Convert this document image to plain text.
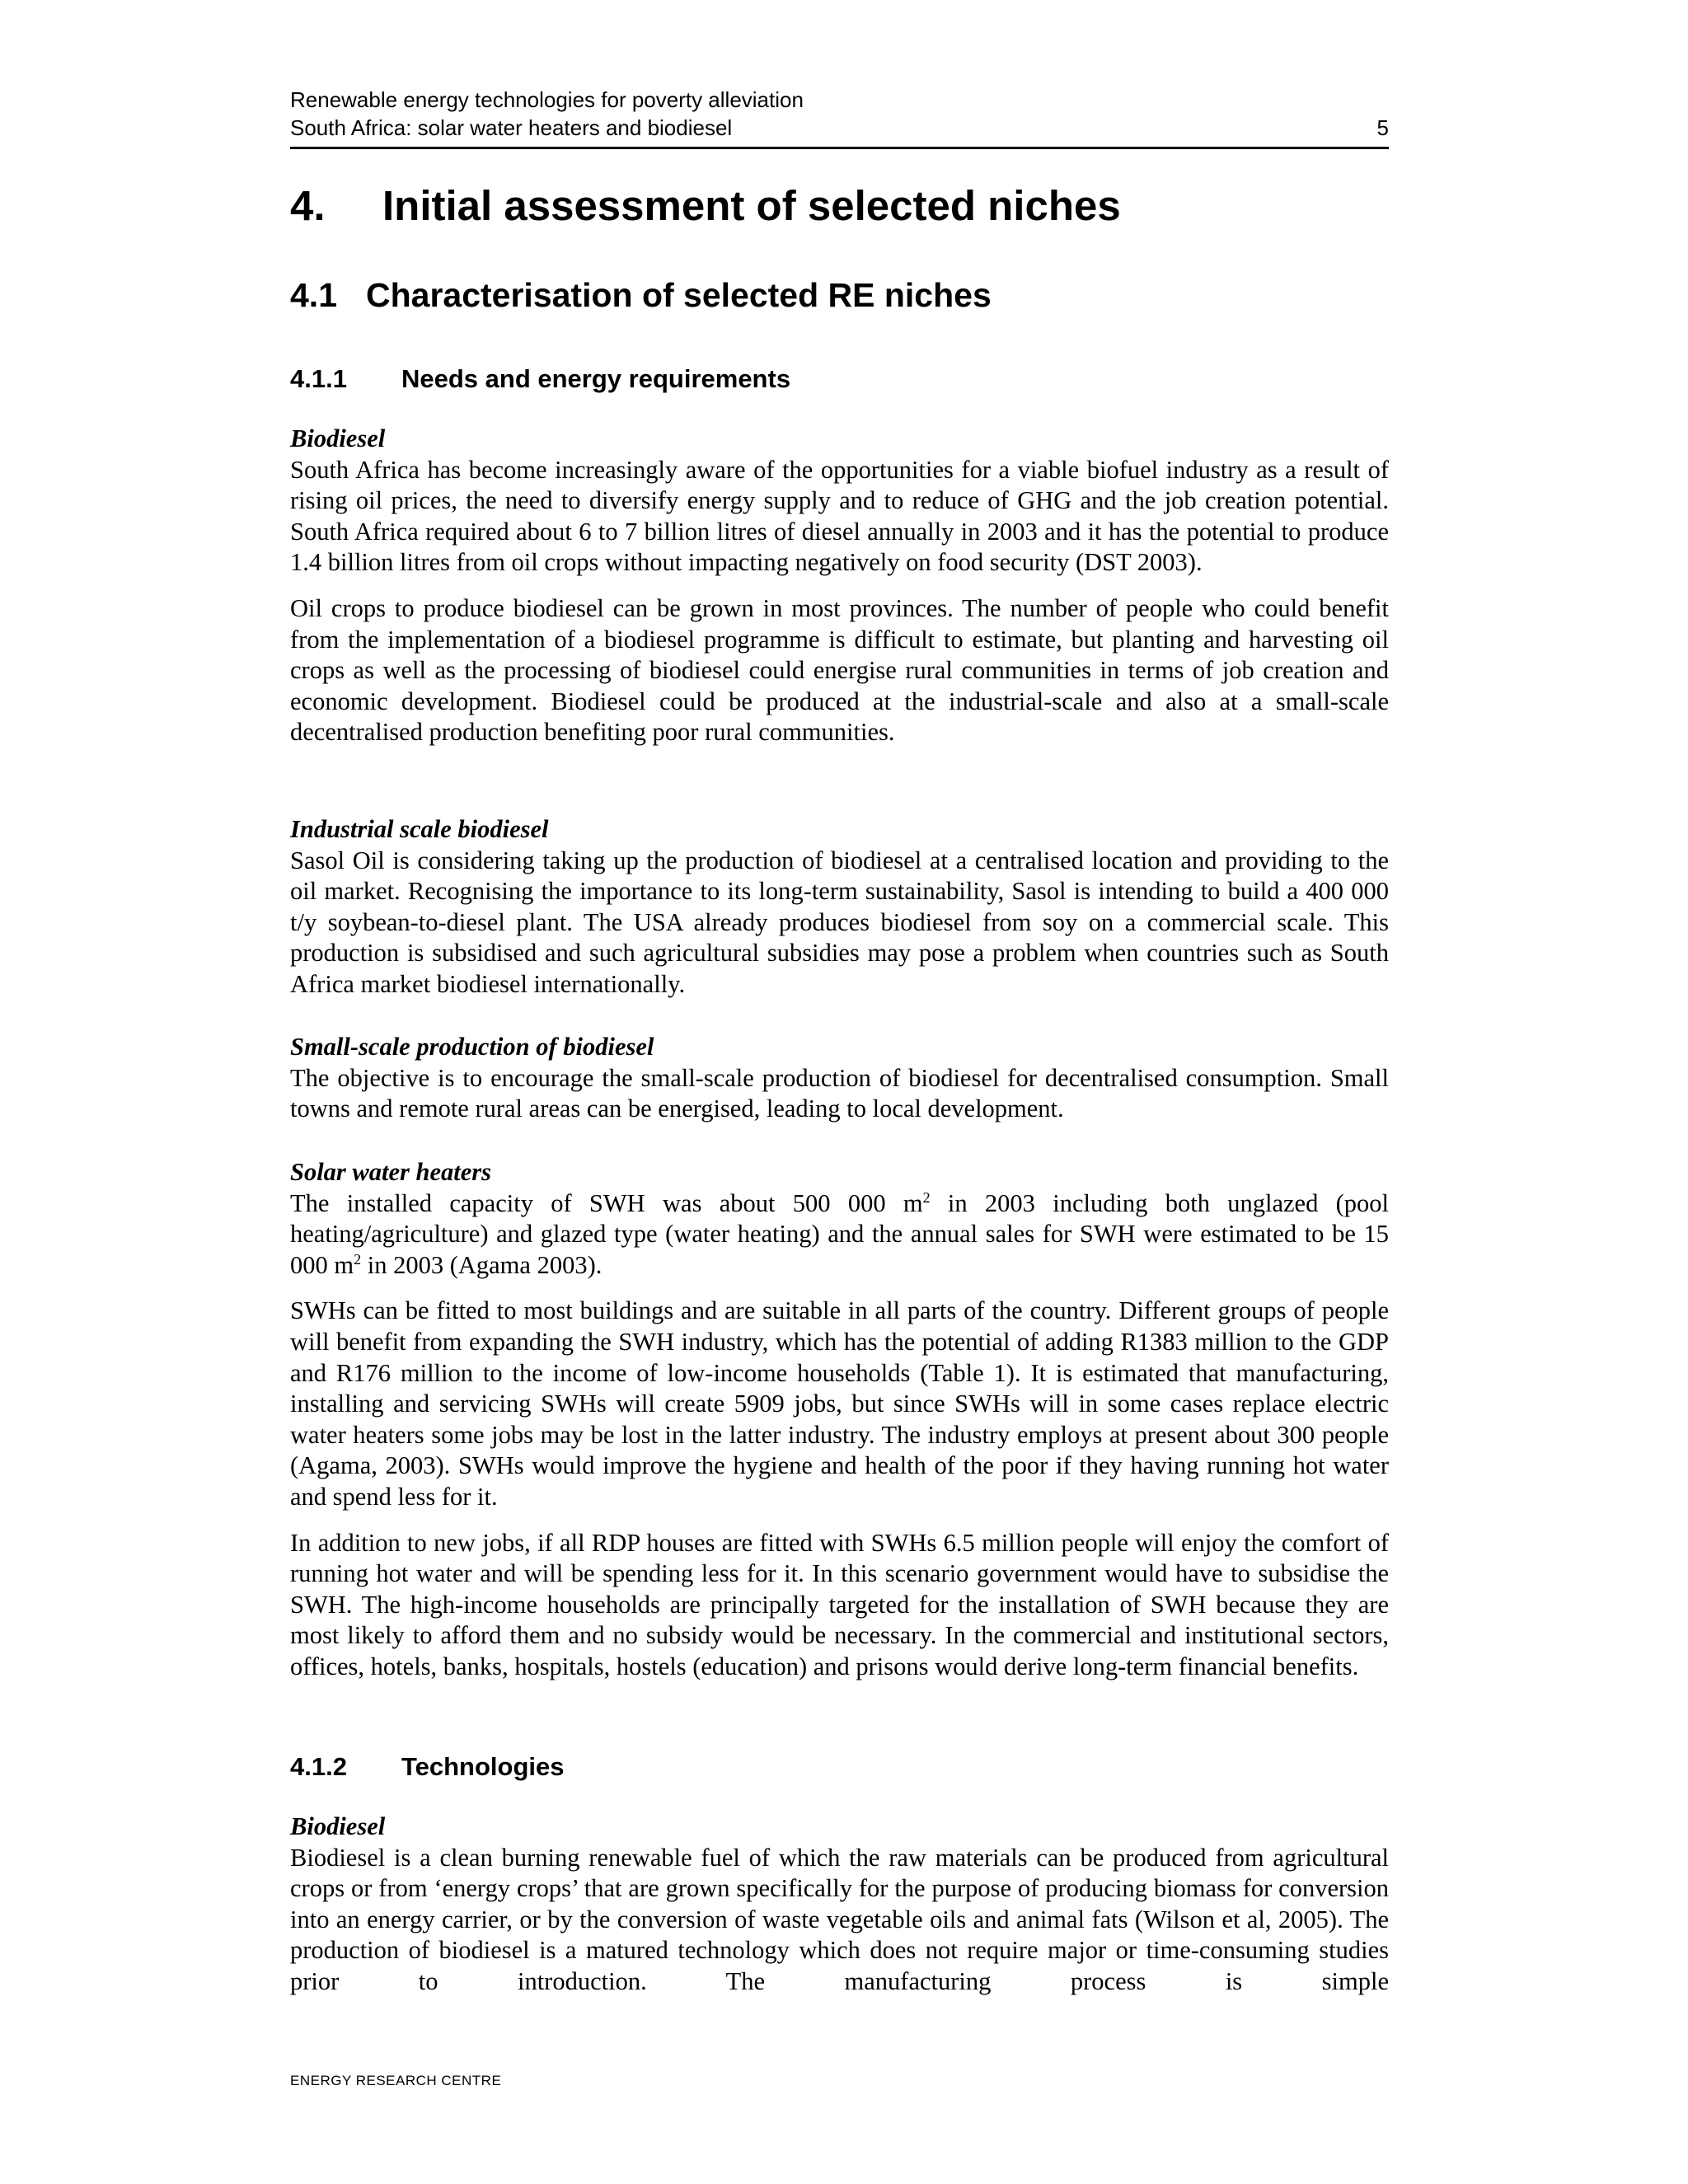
Renewable energy technologies for poverty alleviation
South Africa: solar water heaters and biodiesel	5
4.	Initial assessment of selected niches
4.1 Characterisation of selected RE niches
4.1.1 Needs and energy requirements
Biodiesel

South Africa has become increasingly aware of the opportunities for a viable biofuel industry as a result of rising oil prices, the need to diversify energy supply and to reduce of GHG and the job creation potential. South Africa required about 6 to 7 billion litres of diesel annually in 2003 and it has the potential to produce 1.4 billion litres from oil crops without impacting negatively on food security (DST 2003).

Oil crops to produce biodiesel can be grown in most provinces. The number of people who could benefit from the implementation of a biodiesel programme is difficult to estimate, but planting and harvesting oil crops as well as the processing of biodiesel could energise rural communities in terms of job creation and economic development. Biodiesel could be produced at the industrial-scale and also at a small-scale decentralised production benefiting poor rural communities.

Industrial scale biodiesel

Sasol Oil is considering taking up the production of biodiesel at a centralised location and providing to the oil market. Recognising the importance to its long-term sustainability, Sasol is intending to build a 400 000 t/y soybean-to-diesel plant. The USA already produces biodiesel from soy on a commercial scale. This production is subsidised and such agricultural subsidies may pose a problem when countries such as South Africa market biodiesel internationally.

Small-scale production of biodiesel

The objective is to encourage the small-scale production of biodiesel for decentralised consumption. Small towns and remote rural areas can be energised, leading to local development.

Solar water heaters

The installed capacity of SWH was about 500 000 $m^2$ in 2003 including both unglazed (pool heating/agriculture) and glazed type (water heating) and the annual sales for SWH were estimated to be 15 000 $m^2$ in 2003 (Agama 2003).

SWHs can be fitted to most buildings and are suitable in all parts of the country. Different groups of people will benefit from expanding the SWH industry, which has the potential of adding R1383 million to the GDP and R176 million to the income of low-income households (Table 1). It is estimated that manufacturing, installing and servicing SWHs will create 5909 jobs, but since SWHs will in some cases replace electric water heaters some jobs may be lost in the latter industry. The industry employs at present about 300 people (Agama, 2003). SWHs would improve the hygiene and health of the poor if they having running hot water and spend less for it.

In addition to new jobs, if all RDP houses are fitted with SWHs 6.5 million people will enjoy the comfort of running hot water and will be spending less for it. In this scenario government would have to subsidise the SWH. The high-income households are principally targeted for the installation of SWH because they are most likely to afford them and no subsidy would be necessary. In the commercial and institutional sectors, offices, hotels, banks, hospitals, hostels (education) and prisons would derive long-term financial benefits.

4.1.2 Technologies
Biodiesel

Biodiesel is a clean burning renewable fuel of which the raw materials can be produced from agricultural crops or from ‘energy crops’ that are grown specifically for the purpose of producing biomass for conversion into an energy carrier, or by the conversion of waste vegetable oils and animal fats (Wilson et al, 2005). The production of biodiesel is a matured technology which does not require major or time-consuming studies prior to introduction. The manufacturing process is simple

ENERGY RESEARCH CENTRE
